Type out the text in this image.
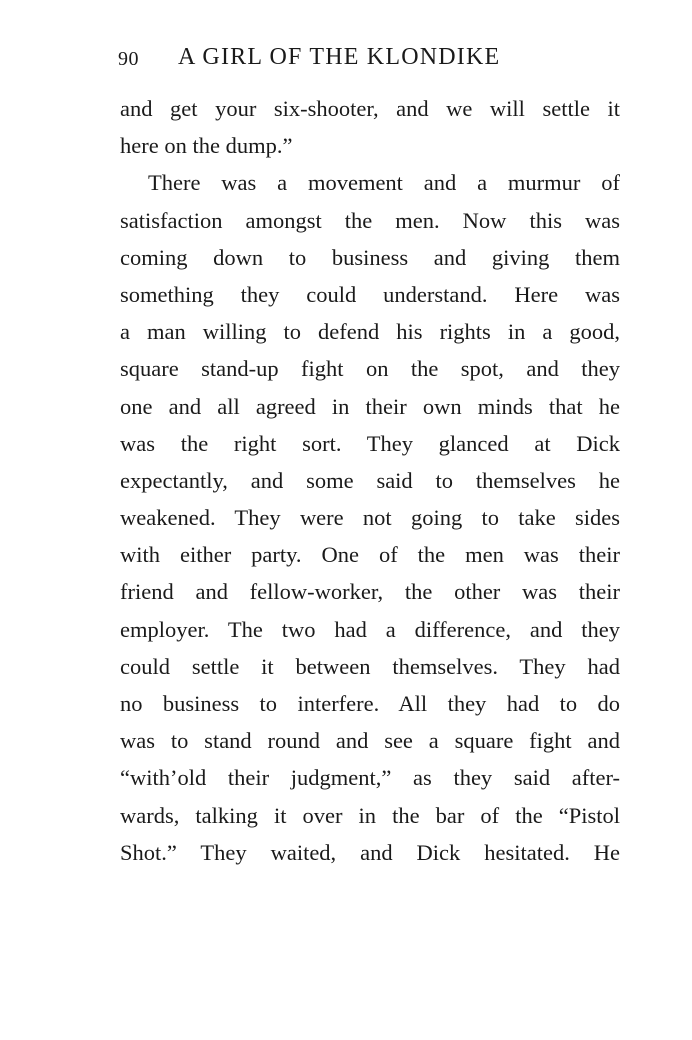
90 A GIRL OF THE KLONDIKE
and get your six-shooter, and we will settle it
here on the dump.”
There was a movement and a murmur of
satisfaction amongst the men. Now this was
coming down to business and giving them
something they could understand. Here was
a man willing to defend his rights in a good,
square stand-up fight on the spot, and they
one and all agreed in their own minds that he
was the right sort. They glanced at Dick
expectantly, and some said to themselves he
weakened. They were not going to take sides
with either party. One of the men was their
friend and fellow-worker, the other was their
employer. The two had a difference, and they
could settle it between themselves. They had
no business to interfere. All they had to do
was to stand round and see a square fight and
“with’old their judgment,” as they said after-
wards, talking it over in the bar of the “Pistol
Shot.” They waited, and Dick hesitated. He
